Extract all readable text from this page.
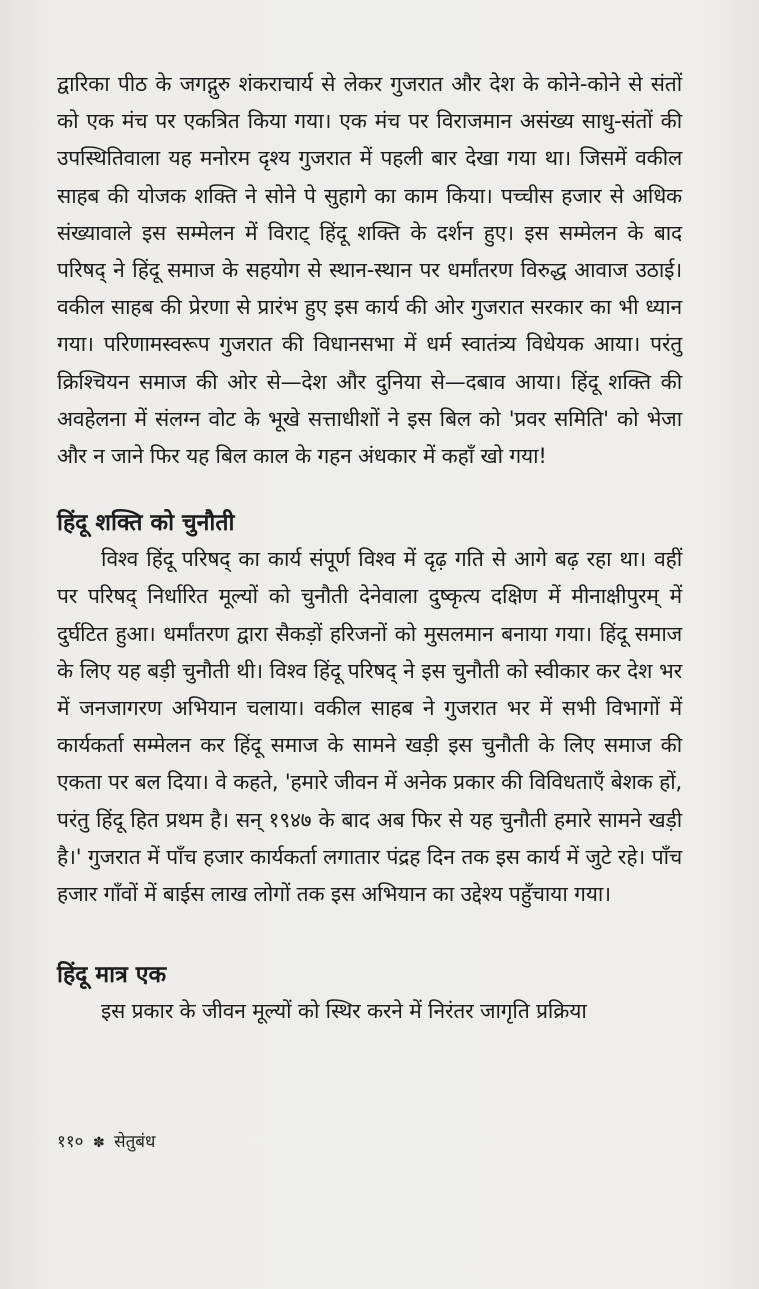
द्वारिका पीठ के जगद्गुरु शंकराचार्य से लेकर गुजरात और देश के कोने-कोने से संतों को एक मंच पर एकत्रित किया गया। एक मंच पर विराजमान असंख्य साधु-संतों की उपस्थितिवाला यह मनोरम दृश्य गुजरात में पहली बार देखा गया था। जिसमें वकील साहब की योजक शक्ति ने सोने पे सुहागे का काम किया। पच्चीस हजार से अधिक संख्यावाले इस सम्मेलन में विराट् हिंदू शक्ति के दर्शन हुए। इस सम्मेलन के बाद परिषद् ने हिंदू समाज के सहयोग से स्थान-स्थान पर धर्मांतरण विरुद्ध आवाज उठाई। वकील साहब की प्रेरणा से प्रारंभ हुए इस कार्य की ओर गुजरात सरकार का भी ध्यान गया। परिणामस्वरूप गुजरात की विधानसभा में धर्म स्वातंत्र्य विधेयक आया। परंतु क्रिश्चियन समाज की ओर से—देश और दुनिया से—दबाव आया। हिंदू शक्ति की अवहेलना में संलग्न वोट के भूखे सत्ताधीशों ने इस बिल को 'प्रवर समिति' को भेजा और न जाने फिर यह बिल काल के गहन अंधकार में कहाँ खो गया!

हिंदू शक्ति को चुनौती

विश्व हिंदू परिषद् का कार्य संपूर्ण विश्व में दृढ़ गति से आगे बढ़ रहा था। वहीं पर परिषद् निर्धारित मूल्यों को चुनौती देनेवाला दुष्कृत्य दक्षिण में मीनाक्षीपुरम् में दुर्घटित हुआ। धर्मांतरण द्वारा सैकड़ों हरिजनों को मुसलमान बनाया गया। हिंदू समाज के लिए यह बड़ी चुनौती थी। विश्व हिंदू परिषद् ने इस चुनौती को स्वीकार कर देश भर में जनजागरण अभियान चलाया। वकील साहब ने गुजरात भर में सभी विभागों में कार्यकर्ता सम्मेलन कर हिंदू समाज के सामने खड़ी इस चुनौती के लिए समाज की एकता पर बल दिया। वे कहते, 'हमारे जीवन में अनेक प्रकार की विविधताएँ बेशक हों, परंतु हिंदू हित प्रथम है। सन् १९४७ के बाद अब फिर से यह चुनौती हमारे सामने खड़ी है।' गुजरात में पाँच हजार कार्यकर्ता लगातार पंद्रह दिन तक इस कार्य में जुटे रहे। पाँच हजार गाँवों में बाईस लाख लोगों तक इस अभियान का उद्देश्य पहुँचाया गया।

हिंदू मात्र एक

इस प्रकार के जीवन मूल्यों को स्थिर करने में निरंतर जागृति प्रक्रिया

११० ✽ सेतुबंध
